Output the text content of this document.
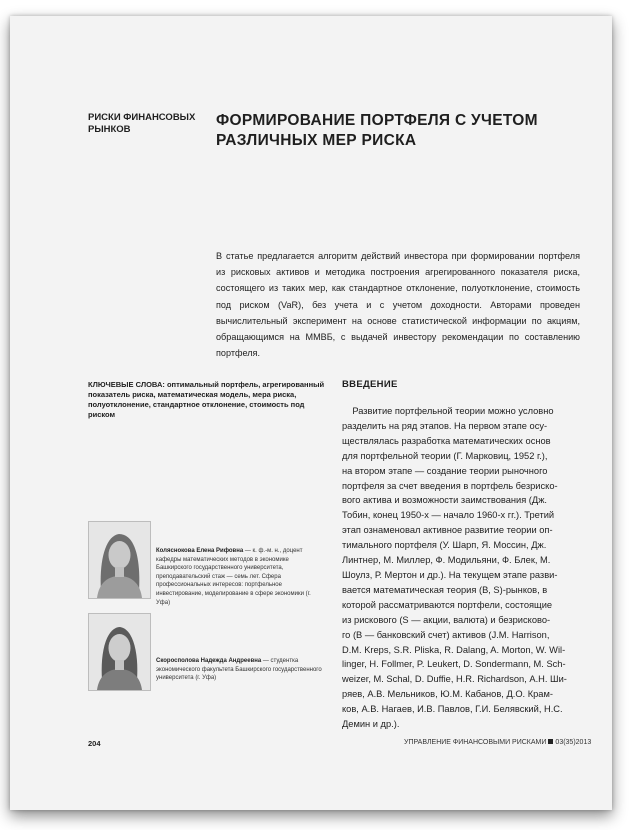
РИСКИ ФИНАНСОВЫХ РЫНКОВ
ФОРМИРОВАНИЕ ПОРТФЕЛЯ С УЧЕТОМ РАЗЛИЧНЫХ МЕР РИСКА

В статье предлагается алгоритм действий инвестора при формировании портфеля из рисковых активов и методика построения агрегированного показателя риска, состоящего из таких мер, как стандартное отклонение, полуотклонение, стоимость под риском (VaR), без учета и с учетом доходности. Авторами проведен вычислительный эксперимент на основе статистической информации по акциям, обращающимся на ММВБ, с выдачей инвестору рекомендации по составлению портфеля.

КЛЮЧЕВЫЕ СЛОВА: оптимальный портфель, агрегированный показатель риска, математическая модель, мера риска, полуотклонение, стандартное отклонение, стоимость под риском
ВВЕДЕНИЕ
Развитие портфельной теории можно условно
разделить на ряд этапов. На первом этапе осу-
ществлялась разработка математических основ
для портфельной теории (Г. Марковиц, 1952 г.),
на втором этапе — создание теории рыночного
портфеля за счет введения в портфель безриско-
вого актива и возможности заимствования (Дж.
Тобин, конец 1950-х — начало 1960-х гг.). Третий
этап ознаменовал активное развитие теории оп-
тимального портфеля (У. Шарп, Я. Моссин, Дж.
Линтнер, М. Миллер, Ф. Модильяни, Ф. Блек, М.
Шоулз, Р. Мертон и др.). На текущем этапе разви-
вается математическая теория (B, S)-рынков, в
которой рассматриваются портфели, состоящие
из рискового (S — акции, валюта) и безрисково-
го (B — банковский счет) активов (J.M. Harrison,
D.M. Kreps, S.R. Pliska, R. Dalang, A. Morton, W. Wil-
linger, H. Follmer, P. Leukert, D. Sondermann, M. Sch-
weizer, M. Schal, D. Duffie, H.R. Richardson, А.Н. Ши-
ряев, А.В. Мельников, Ю.М. Кабанов, Д.О. Крам-
ков, А.В. Нагаев, И.В. Павлов, Г.И. Белявский, Н.С.
Демин и др.).
Коляснокова Елена Рифовна — к. ф.-м. н., доцент кафедры математических методов в экономике Башкирского государственного университета, преподавательский стаж — семь лет. Сфера профессиональных интересов: портфельное инвестирование, моделирование в сфере экономики (г. Уфа)
Скоросполова Надежда Андреевна — студентка экономического факультета Башкирского государственного университета (г. Уфа)
204	УПРАВЛЕНИЕ ФИНАНСОВЫМИ РИСКАМИ 03(35)2013
